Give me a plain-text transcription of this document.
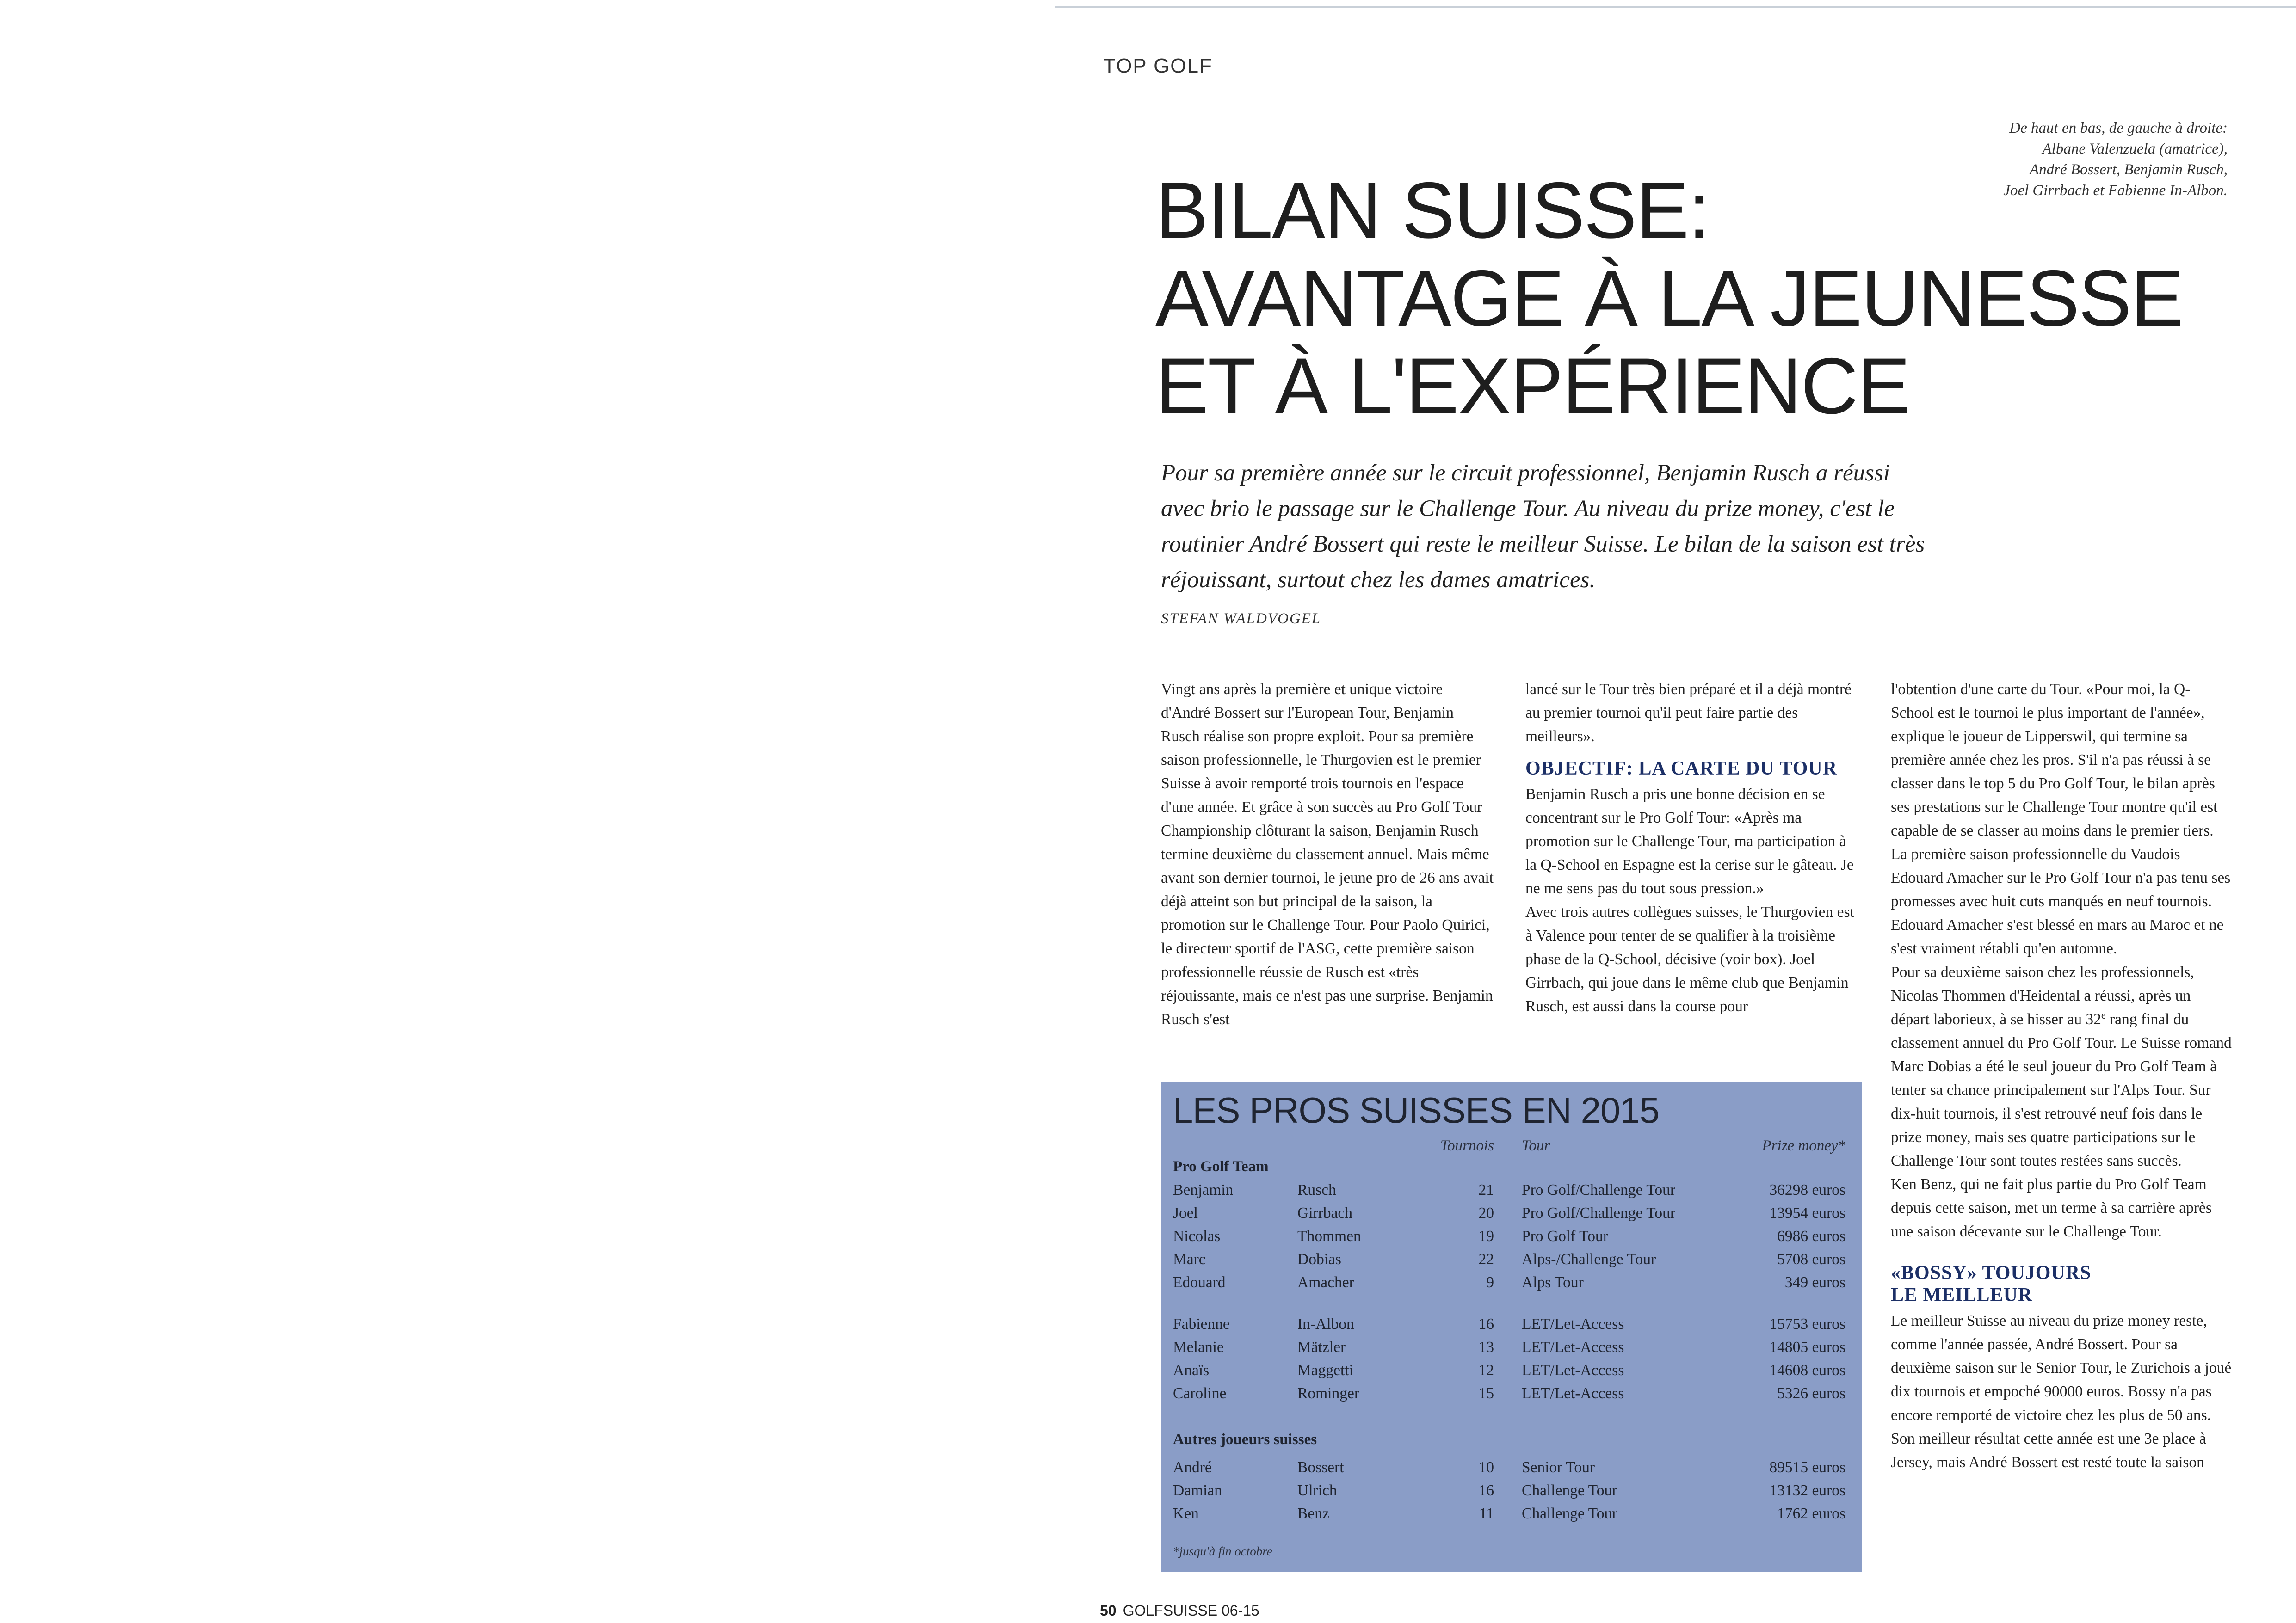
TOP GOLF
De haut en bas, de gauche à droite:
Albane Valenzuela (amatrice),
André Bossert, Benjamin Rusch,
Joel Girrbach et Fabienne In-Albon.
BILAN SUISSE:
AVANTAGE À LA JEUNESSE
ET À L'EXPÉRIENCE
Pour sa première année sur le circuit professionnel, Benjamin Rusch a réussi avec brio le passage sur le Challenge Tour. Au niveau du prize money, c'est le routinier André Bossert qui reste le meilleur Suisse. Le bilan de la saison est très réjouissant, surtout chez les dames amatrices.
STEFAN WALDVOGEL

Vingt ans après la première et unique victoire d'André Bossert sur l'European Tour, Benjamin Rusch réalise son propre exploit. Pour sa première saison professionnelle, le Thurgovien est le premier Suisse à avoir remporté trois tournois en l'espace d'une année. Et grâce à son succès au Pro Golf Tour Championship clôturant la saison, Benjamin Rusch termine deuxième du classement annuel. Mais même avant son dernier tournoi, le jeune pro de 26 ans avait déjà atteint son but principal de la saison, la promotion sur le Challenge Tour. Pour Paolo Quirici, le directeur sportif de l'ASG, cette première saison professionnelle réussie de Rusch est «très réjouissante, mais ce n'est pas une surprise. Benjamin Rusch s'est

lancé sur le Tour très bien préparé et il a déjà montré au premier tournoi qu'il peut faire partie des meilleurs».

OBJECTIF: LA CARTE DU TOUR

Benjamin Rusch a pris une bonne décision en se concentrant sur le Pro Golf Tour: «Après ma promotion sur le Challenge Tour, ma participation à la Q-School en Espagne est la cerise sur le gâteau. Je ne me sens pas du tout sous pression.»

Avec trois autres collègues suisses, le Thurgovien est à Valence pour tenter de se qualifier à la troisième phase de la Q-School, décisive (voir box). Joel Girrbach, qui joue dans le même club que Benjamin Rusch, est aussi dans la course pour

l'obtention d'une carte du Tour. «Pour moi, la Q-School est le tournoi le plus important de l'année», explique le joueur de Lipperswil, qui termine sa première année chez les pros. S'il n'a pas réussi à se classer dans le top 5 du Pro Golf Tour, le bilan après ses prestations sur le Challenge Tour montre qu'il est capable de se classer au moins dans le premier tiers.

La première saison professionnelle du Vaudois Edouard Amacher sur le Pro Golf Tour n'a pas tenu ses promesses avec huit cuts manqués en neuf tournois. Edouard Amacher s'est blessé en mars au Maroc et ne s'est vraiment rétabli qu'en automne.

Pour sa deuxième saison chez les professionnels, Nicolas Thommen d'Heidental a réussi, après un départ laborieux, à se hisser au 32e rang final du classement annuel du Pro Golf Tour. Le Suisse romand Marc Dobias a été le seul joueur du Pro Golf Team à tenter sa chance principalement sur l'Alps Tour. Sur dix-huit tournois, il s'est retrouvé neuf fois dans le prize money, mais ses quatre participations sur le Challenge Tour sont toutes restées sans succès.

Ken Benz, qui ne fait plus partie du Pro Golf Team depuis cette saison, met un terme à sa carrière après une saison décevante sur le Challenge Tour.

«BOSSY» TOUJOURS
LE MEILLEUR

Le meilleur Suisse au niveau du prize money reste, comme l'année passée, André Bossert. Pour sa deuxième saison sur le Senior Tour, le Zurichois a joué dix tournois et empoché 90000 euros. Bossy n'a pas encore remporté de victoire chez les plus de 50 ans. Son meilleur résultat cette année est une 3e place à Jersey, mais André Bossert est resté toute la saison

LES PROS SUISSES EN 2015
Tournois Tour	Prize money*
Pro Golf Team
Autres joueurs suisses
Benjamin	Rusch	21 Pro Golf/Challenge Tour	36298 euros
Joel	Girrbach	20 Pro Golf/Challenge Tour	13954 euros
Nicolas	Thommen	19 Pro Golf Tour	6986 euros
Marc	Dobias	22 Alps-/Challenge Tour	5708 euros
Edouard	Amacher	9 Alps Tour	349 euros
Fabienne	In-Albon	16 LET/Let-Access	15753 euros
Melanie	Mätzler	13 LET/Let-Access	14805 euros
Anaïs	Maggetti	12 LET/Let-Access	14608 euros
Caroline	Rominger	15 LET/Let-Access	5326 euros
André	Bossert	10 Senior Tour	89515 euros
Damian	Ulrich	16 Challenge Tour	13132 euros
Ken	Benz	11 Challenge Tour	1762 euros
*jusqu'à fin octobre
50 GOLFSUISSE 06-15
